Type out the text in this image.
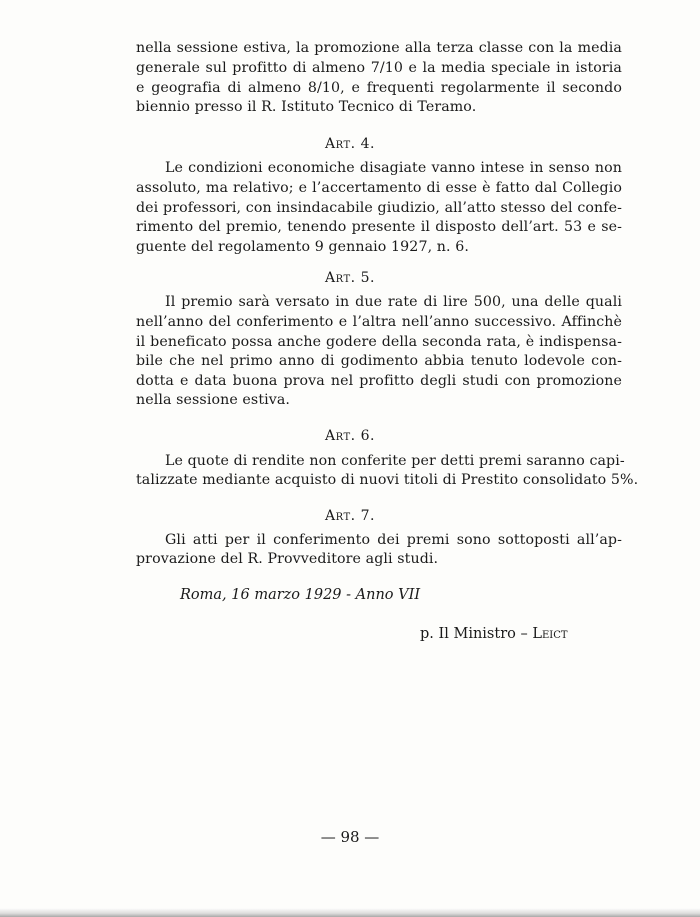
nella sessione estiva, la promozione alla terza classe con la media
generale sul profitto di almeno 7/10 e la media speciale in istoria
e geografia di almeno 8/10, e frequenti regolarmente il secondo
biennio presso il R. Istituto Tecnico di Teramo.
Art. 4.
Le condizioni economiche disagiate vanno intese in senso non
assoluto, ma relativo; e l’accertamento di esse è fatto dal Collegio
dei professori, con insindacabile giudizio, all’atto stesso del confe-
rimento del premio, tenendo presente il disposto dell’art. 53 e se-
guente del regolamento 9 gennaio 1927, n. 6.
Art. 5.
Il premio sarà versato in due rate di lire 500, una delle quali
nell’anno del conferimento e l’altra nell’anno successivo. Affinchè
il beneficato possa anche godere della seconda rata, è indispensa-
bile che nel primo anno di godimento abbia tenuto lodevole con-
dotta e data buona prova nel profitto degli studi con promozione
nella sessione estiva.
Art. 6.
Le quote di rendite non conferite per detti premi saranno capi-
talizzate mediante acquisto di nuovi titoli di Prestito consolidato 5%.
Art. 7.
Gli atti per il conferimento dei premi sono sottoposti all’ap-
provazione del R. Provveditore agli studi.
Roma, 16 marzo 1929 - Anno VII
p. Il Ministro – Leict
— 98 —
